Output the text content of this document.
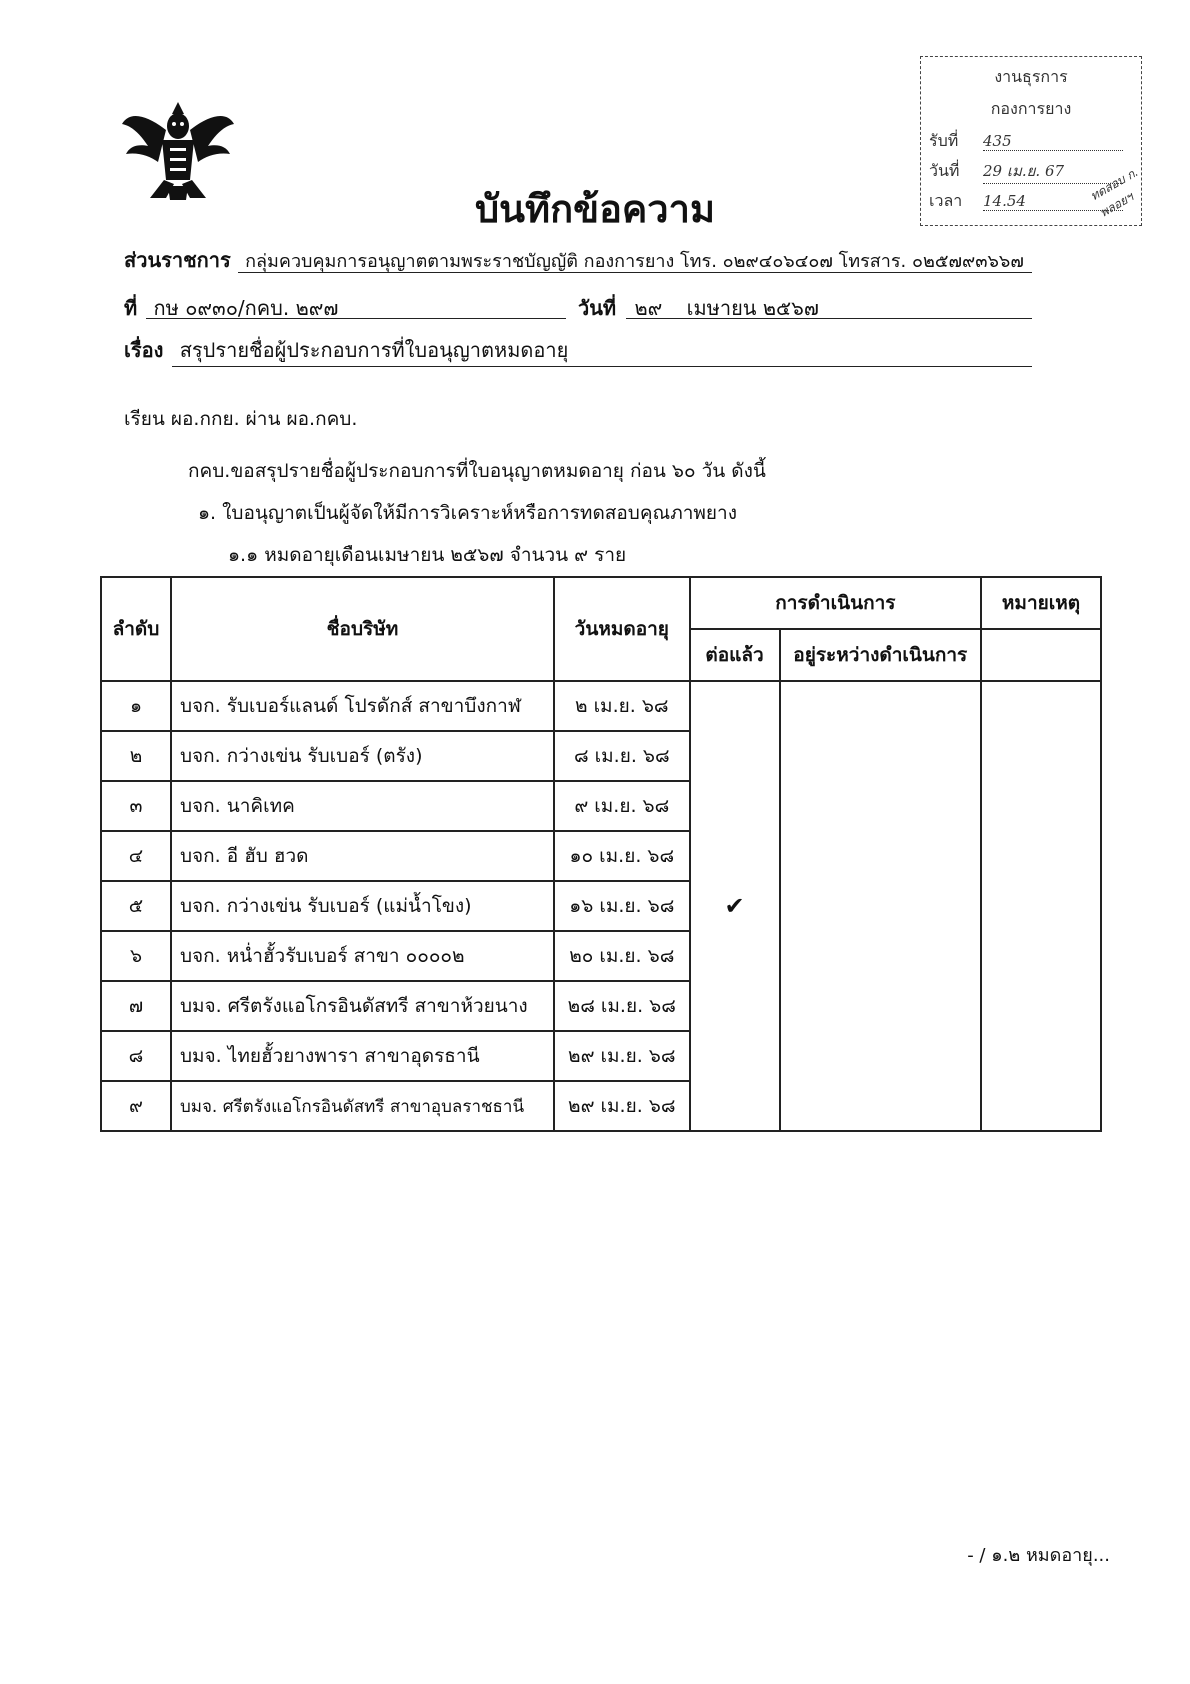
งานธุรการ
กองการยาง
รับที่ 435
วันที่ 29 เม.ย. 67
เวลา 14.54	ทดสอบ ก. พลอยฯ
บันทึกข้อความ
ส่วนราชการ กลุ่มควบคุมการอนุญาตตามพระราชบัญญัติ กองการยาง โทร. ๐๒๙๔๐๖๔๐๗ โทรสาร. ๐๒๕๗๙๓๖๖๗
ที่ กษ ๐๙๓๐/กคบ. ๒๙๗	วันที่ ๒๙ เมษายน ๒๕๖๗
เรื่อง สรุปรายชื่อผู้ประกอบการที่ใบอนุญาตหมดอายุ
เรียน ผอ.กกย. ผ่าน ผอ.กคบ.
กคบ.ขอสรุปรายชื่อผู้ประกอบการที่ใบอนุญาตหมดอายุ ก่อน ๖๐ วัน ดังนี้
๑. ใบอนุญาตเป็นผู้จัดให้มีการวิเคราะห์หรือการทดสอบคุณภาพยาง
๑.๑ หมดอายุเดือนเมษายน ๒๕๖๗ จำนวน ๙ ราย
ลำดับ	ชื่อบริษัท	วันหมดอายุ	การดำเนินการ		หมายเหตุ
			ต่อแล้ว	อยู่ระหว่างดำเนินการ	
๑	บจก. รับเบอร์แลนด์ โปรดักส์ สาขาบึงกาฬ	๒ เม.ย. ๖๘	✔		
๒	บจก. กว่างเข่น รับเบอร์ (ตรัง)	๘ เม.ย. ๖๘			
๓	บจก. นาคิเทค	๙ เม.ย. ๖๘			
๔	บจก. อี ฮับ ฮวด	๑๐ เม.ย. ๖๘			
๕	บจก. กว่างเข่น รับเบอร์ (แม่น้ำโขง)	๑๖ เม.ย. ๖๘			
๖	บจก. หน่ำฮั้วรับเบอร์ สาขา ๐๐๐๐๒	๒๐ เม.ย. ๖๘			
๗	บมจ. ศรีตรังแอโกรอินดัสทรี สาขาห้วยนาง	๒๘ เม.ย. ๖๘			
๘	บมจ. ไทยฮั้วยางพารา สาขาอุดรธานี	๒๙ เม.ย. ๖๘			
๙	บมจ. ศรีตรังแอโกรอินดัสทรี สาขาอุบลราชธานี	๒๙ เม.ย. ๖๘			
- / ๑.๒ หมดอายุ...
